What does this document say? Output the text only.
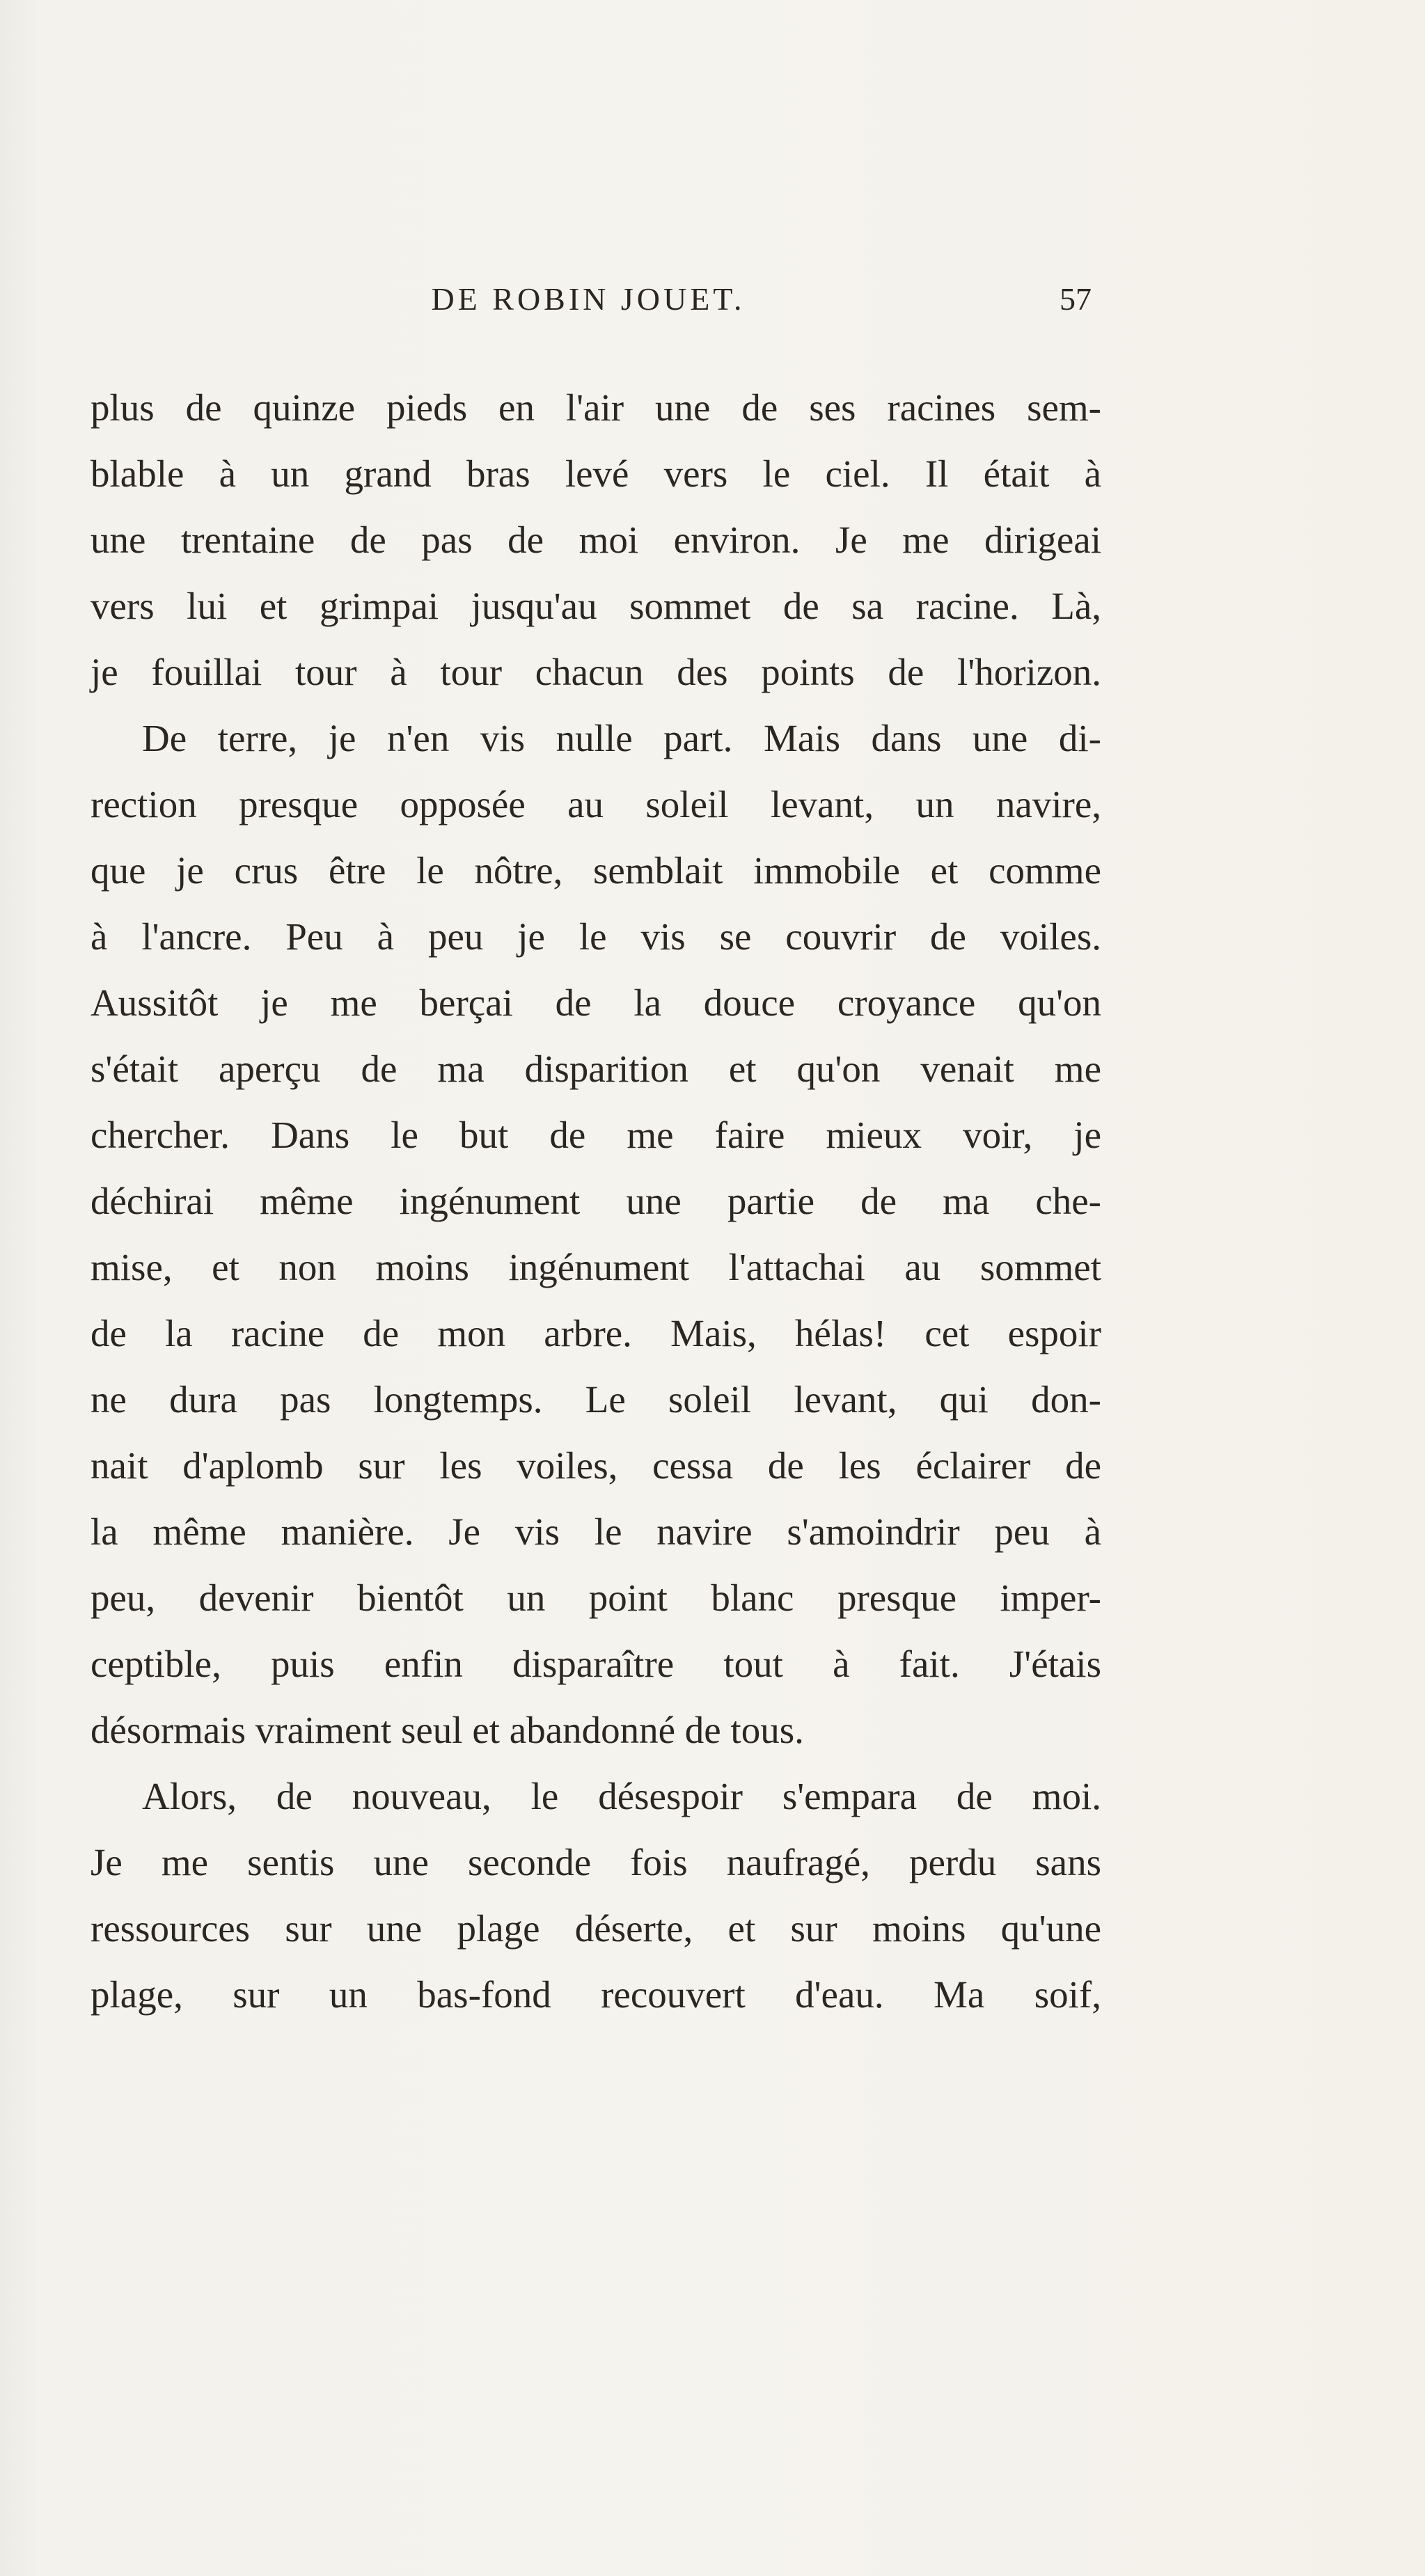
DE ROBIN JOUET.	57
plus de quinze pieds en l'air une de ses racines sem-
blable à un grand bras levé vers le ciel. Il était à
une trentaine de pas de moi environ. Je me dirigeai
vers lui et grimpai jusqu'au sommet de sa racine. Là,
je fouillai tour à tour chacun des points de l'horizon.
De terre, je n'en vis nulle part. Mais dans une di-
rection presque opposée au soleil levant, un navire,
que je crus être le nôtre, semblait immobile et comme
à l'ancre. Peu à peu je le vis se couvrir de voiles.
Aussitôt je me berçai de la douce croyance qu'on
s'était aperçu de ma disparition et qu'on venait me
chercher. Dans le but de me faire mieux voir, je
déchirai même ingénument une partie de ma che-
mise, et non moins ingénument l'attachai au sommet
de la racine de mon arbre. Mais, hélas! cet espoir
ne dura pas longtemps. Le soleil levant, qui don-
nait d'aplomb sur les voiles, cessa de les éclairer de
la même manière. Je vis le navire s'amoindrir peu à
peu, devenir bientôt un point blanc presque imper-
ceptible, puis enfin disparaître tout à fait. J'étais
désormais vraiment seul et abandonné de tous.
Alors, de nouveau, le désespoir s'empara de moi.
Je me sentis une seconde fois naufragé, perdu sans
ressources sur une plage déserte, et sur moins qu'une
plage, sur un bas-fond recouvert d'eau. Ma soif,
